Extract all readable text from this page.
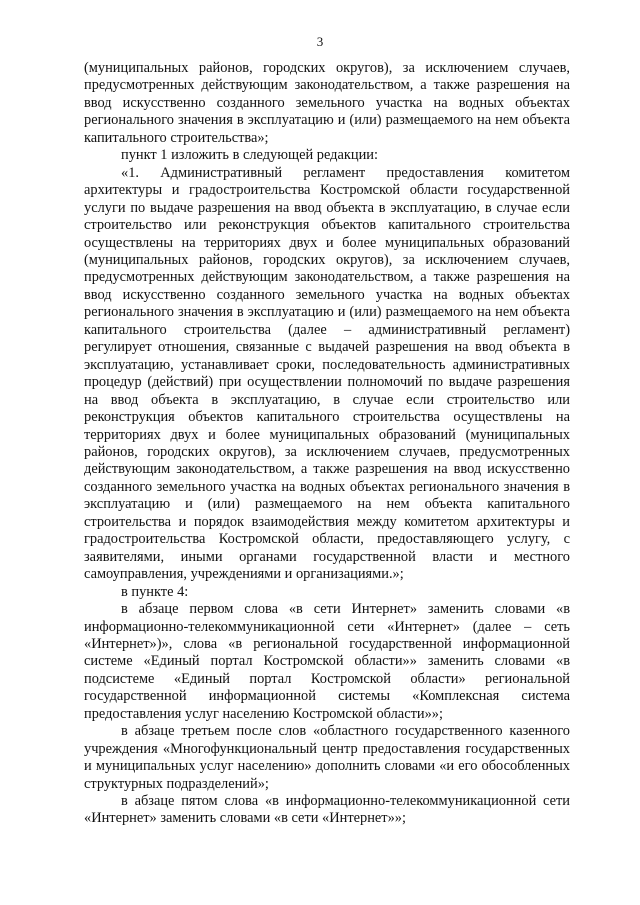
3

(муниципальных районов, городских округов), за исключением случаев, предусмотренных действующим законодательством, а также разрешения на ввод искусственно созданного земельного участка на водных объектах регионального значения в эксплуатацию и (или) размещаемого на нем объекта капитального строительства»;

пункт 1 изложить в следующей редакции:

«1. Административный регламент предоставления комитетом архитектуры и градостроительства Костромской области государственной услуги по выдаче разрешения на ввод объекта в эксплуатацию, в случае если строительство или реконструкция объектов капитального строительства осуществлены на территориях двух и более муниципальных образований (муниципальных районов, городских округов), за исключением случаев, предусмотренных действующим законодательством, а также разрешения на ввод искусственно созданного земельного участка на водных объектах регионального значения в эксплуатацию и (или) размещаемого на нем объекта капитального строительства (далее – административный регламент) регулирует отношения, связанные с выдачей разрешения на ввод объекта в эксплуатацию, устанавливает сроки, последовательность административных процедур (действий) при осуществлении полномочий по выдаче разрешения на ввод объекта в эксплуатацию, в случае если строительство или реконструкция объектов капитального строительства осуществлены на территориях двух и более муниципальных образований (муниципальных районов, городских округов), за исключением случаев, предусмотренных действующим законодательством, а также разрешения на ввод искусственно созданного земельного участка на водных объектах регионального значения в эксплуатацию и (или) размещаемого на нем объекта капитального строительства и порядок взаимодействия между комитетом архитектуры и градостроительства Костромской области, предоставляющего услугу, с заявителями, иными органами государственной власти и местного самоуправления, учреждениями и организациями.»;

в пункте 4:

в абзаце первом слова «в сети Интернет» заменить словами «в информационно-телекоммуникационной сети «Интернет» (далее – сеть «Интернет»)», слова «в региональной государственной информационной системе «Единый портал Костромской области»» заменить словами «в подсистеме «Единый портал Костромской области» региональной государственной информационной системы «Комплексная система предоставления услуг населению Костромской области»»;

в абзаце третьем после слов «областного государственного казенного учреждения «Многофункциональный центр предоставления государственных и муниципальных услуг населению» дополнить словами «и его обособленных структурных подразделений»;

в абзаце пятом слова «в информационно-телекоммуникационной сети «Интернет» заменить словами «в сети «Интернет»»;
